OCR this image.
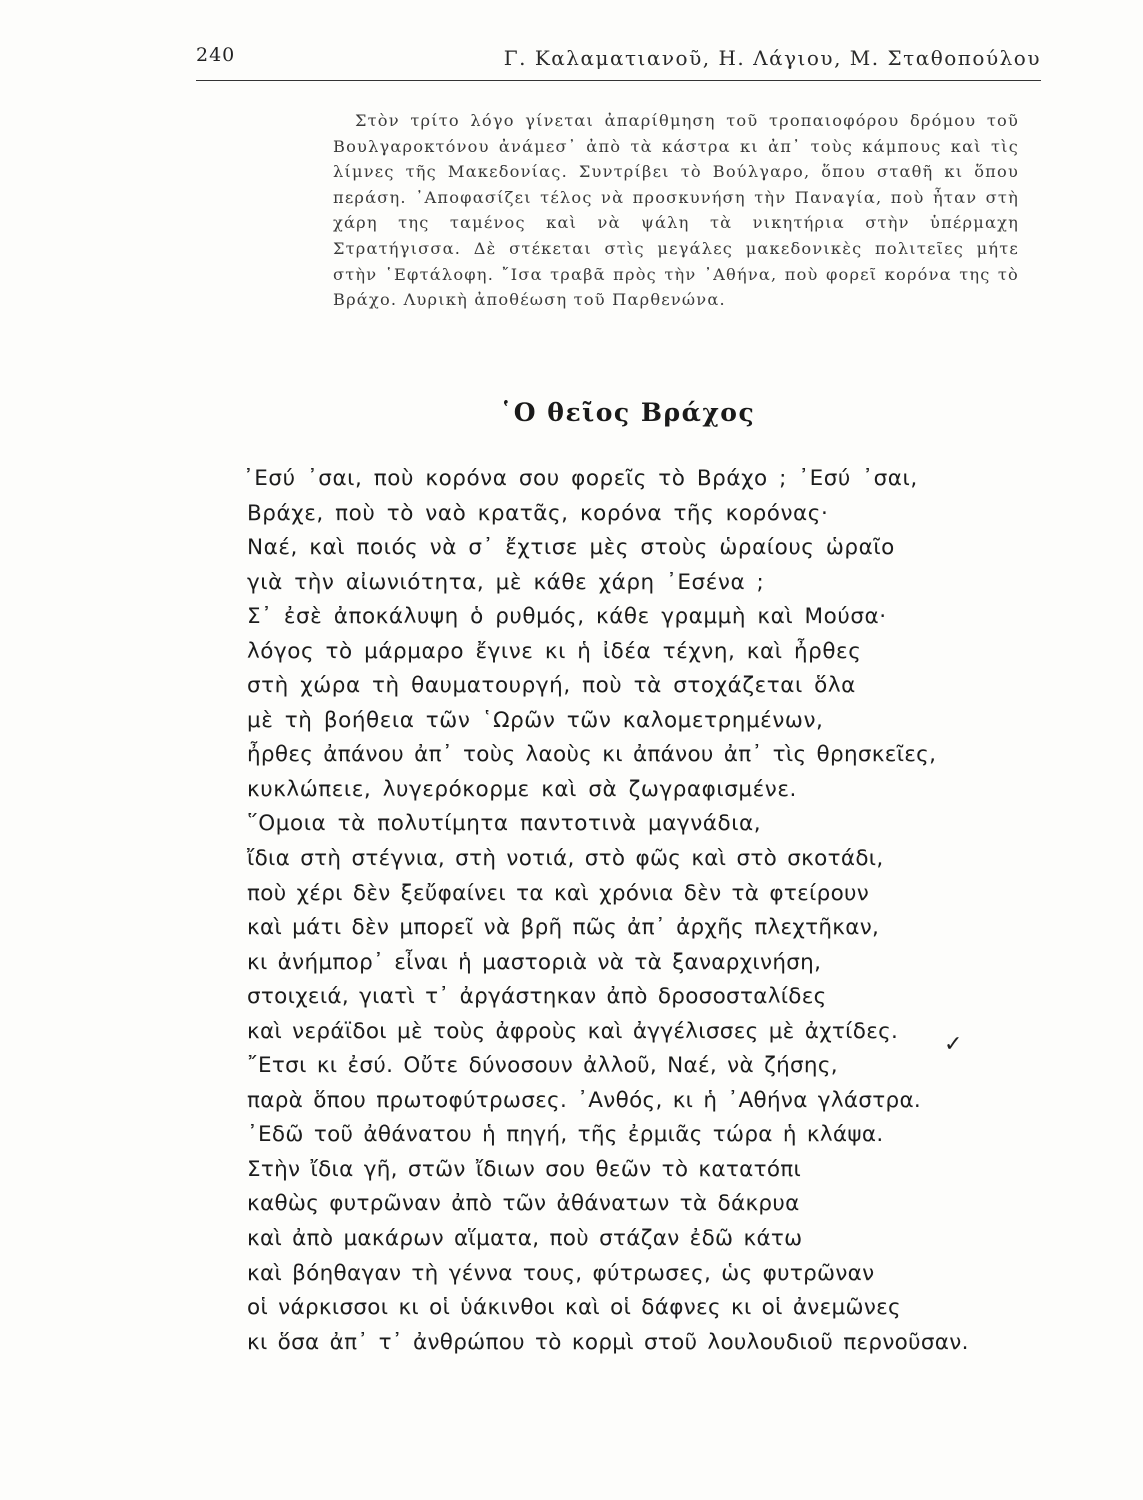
240	Γ. Καλαματιανοῦ, Η. Λάγιου, Μ. Σταθοπούλου

Στὸν τρίτο λόγο γίνεται ἀπαρίθμηση τοῦ τροπαιοφόρου δρόμου τοῦ Βουλγαροκτόνου ἀνάμεσ᾽ ἀπὸ τὰ κάστρα κι ἀπ᾽ τοὺς κάμπους καὶ τὶς λίμνες τῆς Μακεδονίας. Συντρίβει τὸ Βούλγαρο, ὅπου σταθῆ κι ὅπου περάση. ᾽Αποφασίζει τέλος νὰ προσκυνήση τὴν Παναγία, ποὺ ἦταν στὴ χάρη της ταμένος καὶ νὰ ψάλη τὰ νικητήρια στὴν ὑπέρμαχη Στρατήγισσα. Δὲ στέκεται στὶς μεγάλες μακεδονικὲς πολιτεῖες μήτε στὴν ῾Εφτάλοφη. ῎Ισα τραβᾶ πρὸς τὴν ᾽Αθήνα, ποὺ φορεῖ κορόνα της τὸ Βράχο. Λυρικὴ ἀποθέωση τοῦ Παρθενώνα.

῾Ο θεῖος Βράχος
᾽Εσύ ᾽σαι, ποὺ κορόνα σου φορεῖς τὸ Βράχο ; ᾽Εσύ ᾽σαι,
Βράχε, ποὺ τὸ ναὸ κρατᾶς, κορόνα τῆς κορόνας·
Ναέ, καὶ ποιός νὰ σ᾽ ἔχτισε μὲς στοὺς ὡραίους ὡραῖο
γιὰ τὴν αἰωνιότητα, μὲ κάθε χάρη ᾽Εσένα ;
Σ᾽ ἐσὲ ἀποκάλυψη ὁ ρυθμός, κάθε γραμμὴ καὶ Μούσα·
λόγος τὸ μάρμαρο ἔγινε κι ἡ ἰδέα τέχνη, καὶ ἦρθες
στὴ χώρα τὴ θαυματουργή, ποὺ τὰ στοχάζεται ὅλα
μὲ τὴ βοήθεια τῶν ῾Ωρῶν τῶν καλομετρημένων,
ἦρθες ἀπάνου ἀπ᾽ τοὺς λαοὺς κι ἀπάνου ἀπ᾽ τὶς θρησκεῖες,
κυκλώπειε, λυγερόκορμε καὶ σὰ ζωγραφισμένε.
῞Ομοια τὰ πολυτίμητα παντοτινὰ μαγνάδια,
ἴδια στὴ στέγνια, στὴ νοτιά, στὸ φῶς καὶ στὸ σκοτάδι,
ποὺ χέρι δὲν ξεὔφαίνει τα καὶ χρόνια δὲν τὰ φτείρουν
καὶ μάτι δὲν μπορεῖ νὰ βρῆ πῶς ἀπ᾽ ἀρχῆς πλεχτῆκαν,
κι ἀνήμπορ᾽ εἶναι ἡ μαστοριὰ νὰ τὰ ξαναρχινήση,
στοιχειά, γιατὶ τ᾽ ἀργάστηκαν ἀπὸ δροσοσταλίδες
καὶ νεράϊδοι μὲ τοὺς ἀφροὺς καὶ ἀγγέλισσες μὲ ἀχτίδες.
῎Ετσι κι ἐσύ. Οὔτε δύνοσουν ἀλλοῦ, Ναέ, νὰ ζήσης,
παρὰ ὅπου πρωτοφύτρωσες. ᾽Ανθός, κι ἡ ᾽Αθήνα γλάστρα.
᾽Εδῶ τοῦ ἀθάνατου ἡ πηγή, τῆς ἐρμιᾶς τώρα ἡ κλάψα.
Στὴν ἴδια γῆ, στῶν ἴδιων σου θεῶν τὸ κατατόπι
καθὼς φυτρῶναν ἀπὸ τῶν ἀθάνατων τὰ δάκρυα
καὶ ἀπὸ μακάρων αἵματα, ποὺ στάζαν ἐδῶ κάτω
καὶ βόηθαγαν τὴ γέννα τους, φύτρωσες, ὡς φυτρῶναν
οἱ νάρκισσοι κι οἱ ὑάκινθοι καὶ οἱ δάφνες κι οἱ ἀνεμῶνες
κι ὅσα ἀπ᾽ τ᾽ ἀνθρώπου τὸ κορμὶ στοῦ λουλουδιοῦ περνοῦσαν.
✓
